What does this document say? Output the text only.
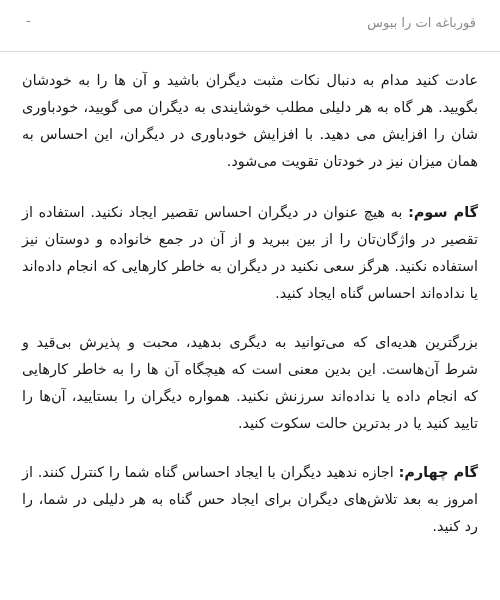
قورباغه ات را ببوس
-

عادت کنید مدام به دنبال نکات مثبت دیگران باشید و آن ها را به خودشان بگویید. هر گاه به هر دلیلی مطلب خوشایندی به دیگران می گویید، خودباوری شان را افزایش می دهید. با افزایش خودباوری در دیگران، این احساس به همان میزان نیز در خودتان تقویت می‌شود.

گام سوم: به هیچ عنوان در دیگران احساس تقصیر ایجاد نکنید. استفاده از تقصیر در واژگان‌تان را از بین ببرید و از آن در جمع خانواده و دوستان نیز استفاده نکنید. هرگز سعی نکنید در دیگران به خاطر کارهایی که انجام داده‌اند یا نداده‌اند احساس گناه ایجاد کنید.

بزرگترین هدیه‌ای که می‌توانید به دیگری بدهید، محبت و پذیرش بی‌قید و شرط آن‌هاست. این بدین معنی است که هیچگاه آن ها را به خاطر کارهایی که انجام داده یا نداده‌اند سرزنش نکنید. همواره دیگران را بستایید، آن‌ها را تایید کنید یا در بدترین حالت سکوت کنید.

گام چهارم: اجازه ندهید دیگران با ایجاد احساس گناه شما را کنترل کنند. از امروز به بعد تلاش‌های دیگران برای ایجاد حس گناه به هر دلیلی در شما، را رد کنید.
